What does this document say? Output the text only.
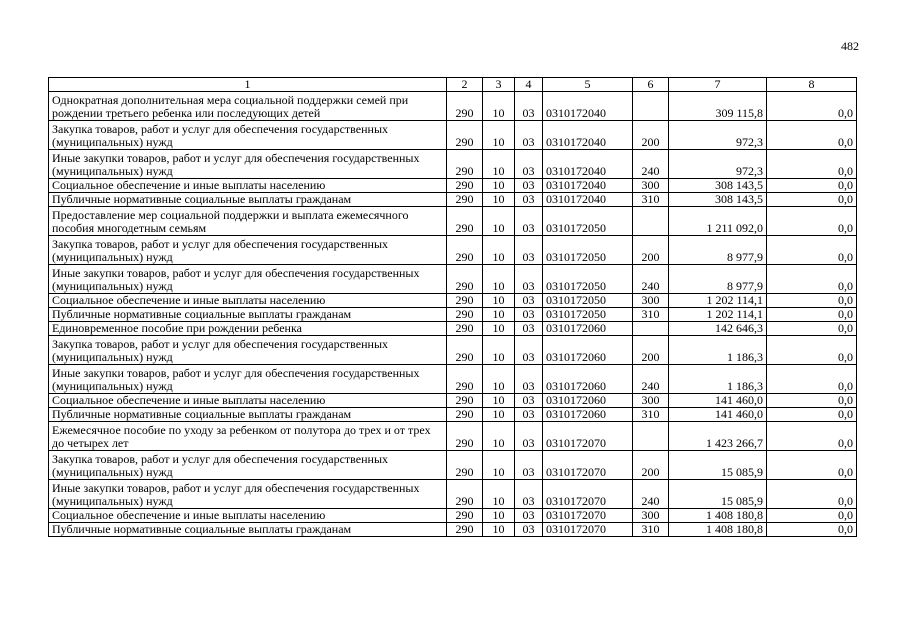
482
1	2	3	4	5	6	7	8
Однократная дополнительная мера социальной поддержки семей при рождении третьего ребенка или последующих детей	290	10	03	0310172040		309 115,8	0,0
Закупка товаров, работ и услуг для обеспечения государственных (муниципальных) нужд	290	10	03	0310172040	200	972,3	0,0
Иные закупки товаров, работ и услуг для обеспечения государственных (муниципальных) нужд	290	10	03	0310172040	240	972,3	0,0
Социальное обеспечение и иные выплаты населению	290	10	03	0310172040	300	308 143,5	0,0
Публичные нормативные социальные выплаты гражданам	290	10	03	0310172040	310	308 143,5	0,0
Предоставление мер социальной поддержки и выплата ежемесячного пособия многодетным семьям	290	10	03	0310172050		1 211 092,0	0,0
Закупка товаров, работ и услуг для обеспечения государственных (муниципальных) нужд	290	10	03	0310172050	200	8 977,9	0,0
Иные закупки товаров, работ и услуг для обеспечения государственных (муниципальных) нужд	290	10	03	0310172050	240	8 977,9	0,0
Социальное обеспечение и иные выплаты населению	290	10	03	0310172050	300	1 202 114,1	0,0
Публичные нормативные социальные выплаты гражданам	290	10	03	0310172050	310	1 202 114,1	0,0
Единовременное пособие при рождении ребенка	290	10	03	0310172060		142 646,3	0,0
Закупка товаров, работ и услуг для обеспечения государственных (муниципальных) нужд	290	10	03	0310172060	200	1 186,3	0,0
Иные закупки товаров, работ и услуг для обеспечения государственных (муниципальных) нужд	290	10	03	0310172060	240	1 186,3	0,0
Социальное обеспечение и иные выплаты населению	290	10	03	0310172060	300	141 460,0	0,0
Публичные нормативные социальные выплаты гражданам	290	10	03	0310172060	310	141 460,0	0,0
Ежемесячное пособие по уходу за ребенком от полутора до трех и от трех до четырех лет	290	10	03	0310172070		1 423 266,7	0,0
Закупка товаров, работ и услуг для обеспечения государственных (муниципальных) нужд	290	10	03	0310172070	200	15 085,9	0,0
Иные закупки товаров, работ и услуг для обеспечения государственных (муниципальных) нужд	290	10	03	0310172070	240	15 085,9	0,0
Социальное обеспечение и иные выплаты населению	290	10	03	0310172070	300	1 408 180,8	0,0
Публичные нормативные социальные выплаты гражданам	290	10	03	0310172070	310	1 408 180,8	0,0
